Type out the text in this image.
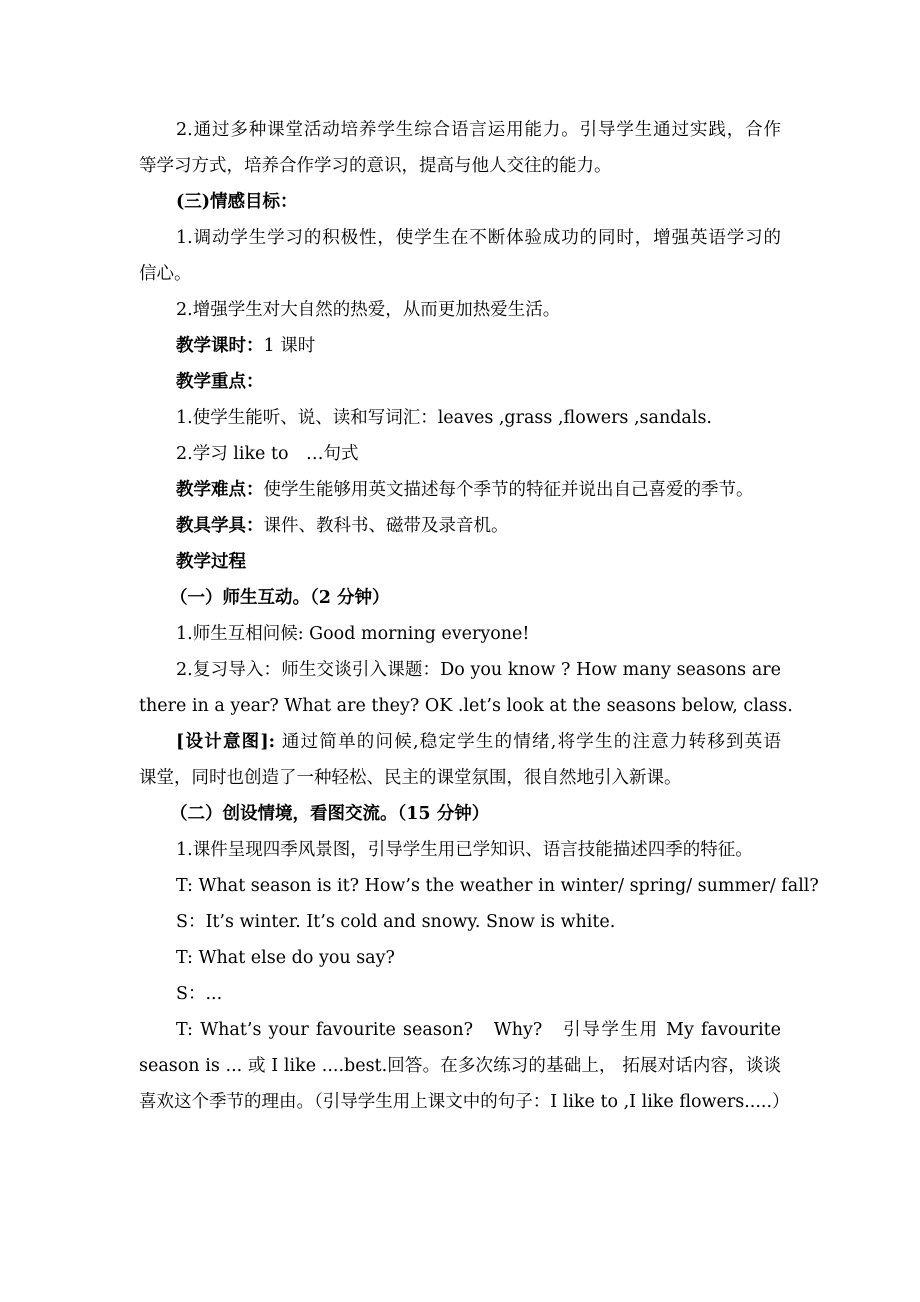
2.通过多种课堂活动培养学生综合语言运用能力。引导学生通过实践，合作

等学习方式，培养合作学习的意识，提高与他人交往的能力。

(三)情感目标：

1.调动学生学习的积极性，使学生在不断体验成功的同时，增强英语学习的

信心。

2.增强学生对大自然的热爱，从而更加热爱生活。

教学课时：1 课时

教学重点：

1.使学生能听、说、读和写词汇：leaves ,grass ,flowers ,sandals.

2.学习 like to　…句式

教学难点：使学生能够用英文描述每个季节的特征并说出自己喜爱的季节。

教具学具：课件、教科书、磁带及录音机。

教学过程

（一）师生互动。（2 分钟）

1.师生互相问候: Good morning everyone!

2.复习导入：师生交谈引入课题：Do you know ? How many seasons are

there in a year? What are they? OK .let’s look at the seasons below, class.

[设计意图]: 通过简单的问候,稳定学生的情绪,将学生的注意力转移到英语

课堂，同时也创造了一种轻松、民主的课堂氛围，很自然地引入新课。

（二）创设情境，看图交流。（15 分钟）

1.课件呈现四季风景图，引导学生用已学知识、语言技能描述四季的特征。

T: What season is it? How’s the weather in winter/ spring/ summer/ fall?

S：It’s winter. It’s cold and snowy. Snow is white.

T: What else do you say?

S：...

T: What’s your favourite season?　Why?　引导学生用 My favourite

season is ... 或 I like ....best.回答。在多次练习的基础上， 拓展对话内容，谈谈

喜欢这个季节的理由。（引导学生用上课文中的句子：I like to ,I like flowers.....）
